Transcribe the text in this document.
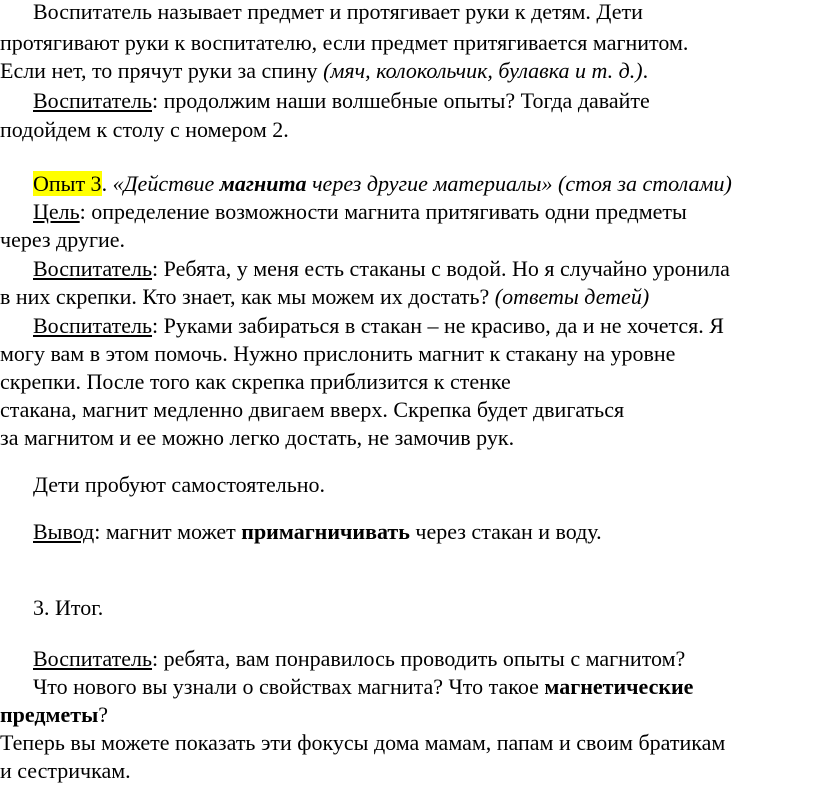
Воспитатель называет предмет и протягивает руки к детям. Дети
протягивают руки к воспитателю, если предмет притягивается магнитом.
Если нет, то прячут руки за спину (мяч, колокольчик, булавка и т. д.).
Воспитатель: продолжим наши волшебные опыты? Тогда давайте
подойдем к столу с номером 2.
Опыт 3. «Действие магнита через другие материалы» (стоя за столами)
Цель: определение возможности магнита притягивать одни предметы
через другие.
Воспитатель: Ребята, у меня есть стаканы с водой. Но я случайно уронила
в них скрепки. Кто знает, как мы можем их достать? (ответы детей)
Воспитатель: Руками забираться в стакан – не красиво, да и не хочется. Я
могу вам в этом помочь. Нужно прислонить магнит к стакану на уровне
скрепки. После того как скрепка приблизится к стенке
стакана, магнит медленно двигаем вверх. Скрепка будет двигаться
за магнитом и ее можно легко достать, не замочив рук.
Дети пробуют самостоятельно.
Вывод: магнит может примагничивать через стакан и воду.
3. Итог.
Воспитатель: ребята, вам понравилось проводить опыты с магнитом?
Что нового вы узнали о свойствах магнита? Что такое магнетические
предметы?
Теперь вы можете показать эти фокусы дома мамам, папам и своим братикам
и сестричкам.
